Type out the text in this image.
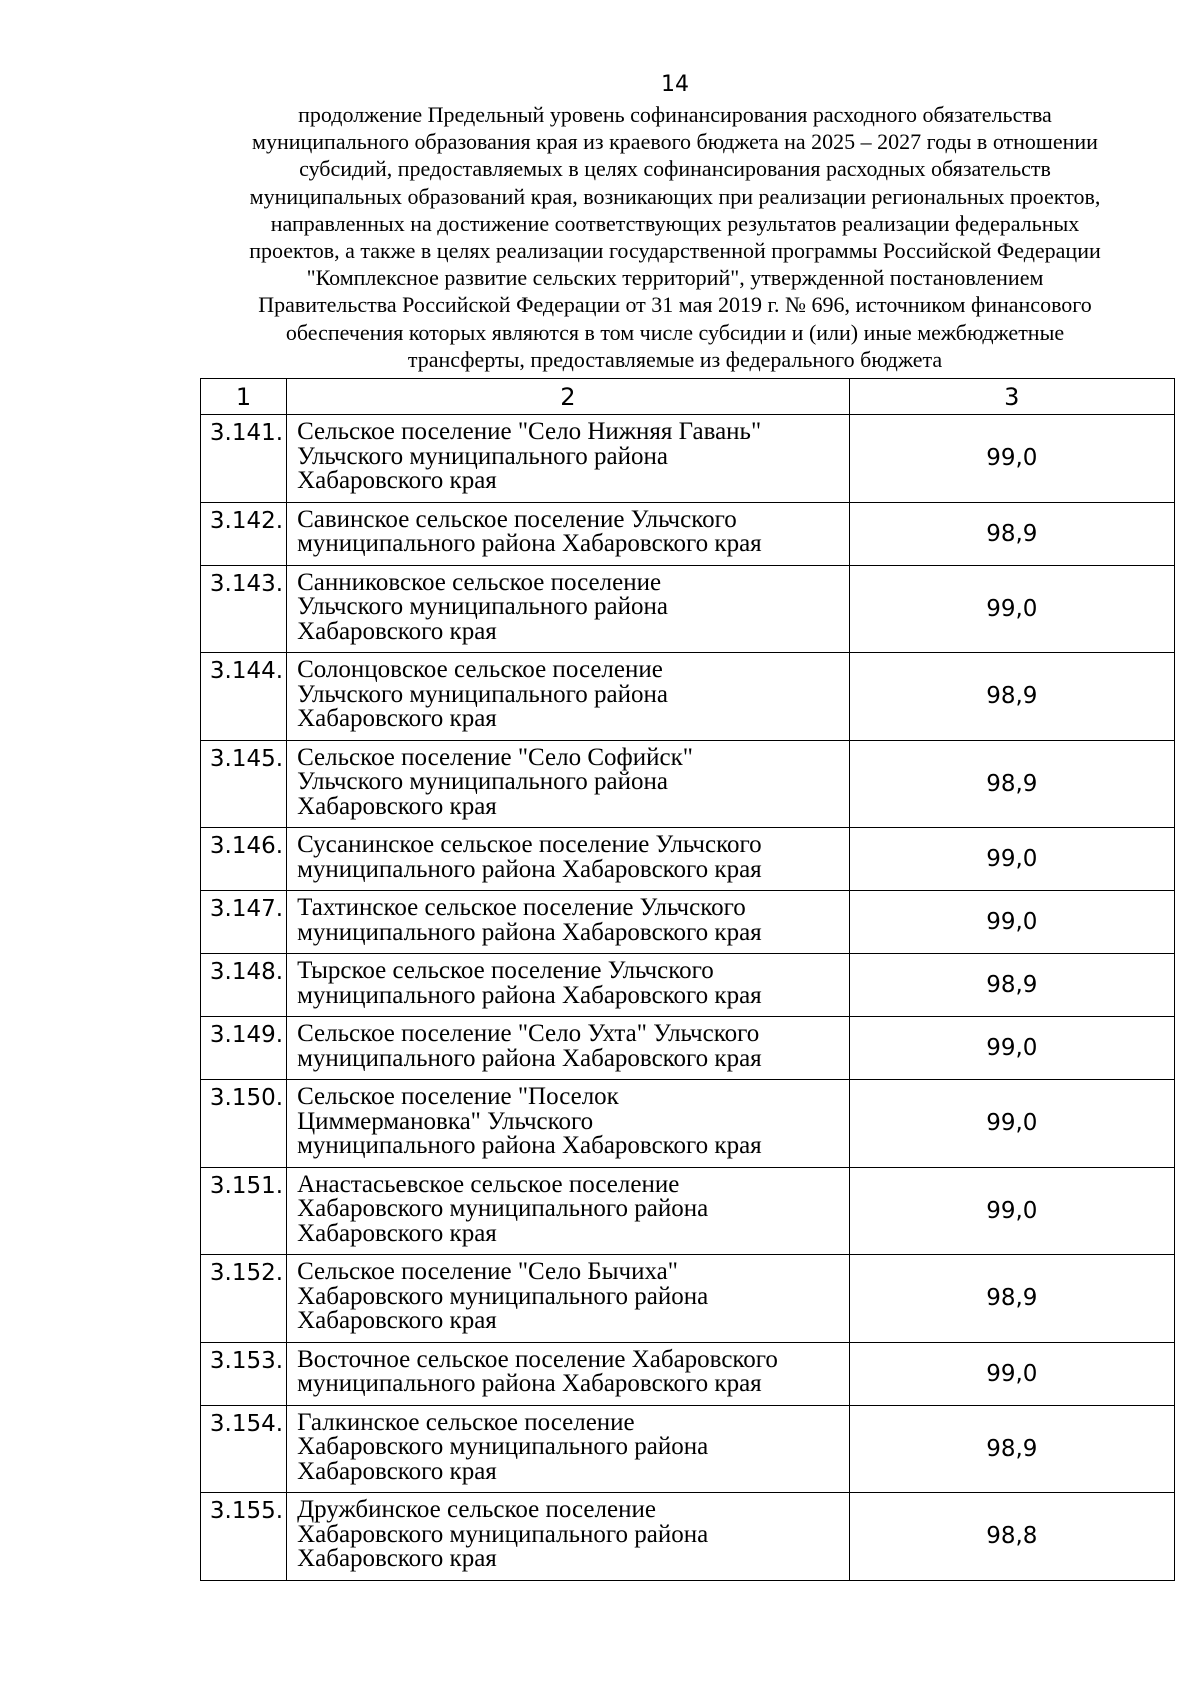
14
продолжение Предельный уровень софинансирования расходного обязательства
муниципального образования края из краевого бюджета на 2025 – 2027 годы в отношении
субсидий, предоставляемых в целях софинансирования расходных обязательств
муниципальных образований края, возникающих при реализации региональных проектов,
направленных на достижение соответствующих результатов реализации федеральных
проектов, а также в целях реализации государственной программы Российской Федерации
"Комплексное развитие сельских территорий", утвержденной постановлением
Правительства Российской Федерации от 31 мая 2019 г. № 696, источником финансового
обеспечения которых являются в том числе субсидии и (или) иные межбюджетные
трансферты, предоставляемые из федерального бюджета
1	2	3
3.141.	Сельское поселение "Село Нижняя Гавань"
Ульчского муниципального района
Хабаровского края	99,0
3.142.	Савинское сельское поселение Ульчского
муниципального района Хабаровского края	98,9
3.143.	Санниковское сельское поселение
Ульчского муниципального района
Хабаровского края	99,0
3.144.	Солонцовское сельское поселение
Ульчского муниципального района
Хабаровского края	98,9
3.145.	Сельское поселение "Село Софийск"
Ульчского муниципального района
Хабаровского края	98,9
3.146.	Сусанинское сельское поселение Ульчского
муниципального района Хабаровского края	99,0
3.147.	Тахтинское сельское поселение Ульчского
муниципального района Хабаровского края	99,0
3.148.	Тырское сельское поселение Ульчского
муниципального района Хабаровского края	98,9
3.149.	Сельское поселение "Село Ухта" Ульчского
муниципального района Хабаровского края	99,0
3.150.	Сельское поселение "Поселок
Циммермановка" Ульчского
муниципального района Хабаровского края	99,0
3.151.	Анастасьевское сельское поселение
Хабаровского муниципального района
Хабаровского края	99,0
3.152.	Сельское поселение "Село Бычиха"
Хабаровского муниципального района
Хабаровского края	98,9
3.153.	Восточное сельское поселение Хабаровского
муниципального района Хабаровского края	99,0
3.154.	Галкинское сельское поселение
Хабаровского муниципального района
Хабаровского края	98,9
3.155.	Дружбинское сельское поселение
Хабаровского муниципального района
Хабаровского края	98,8
